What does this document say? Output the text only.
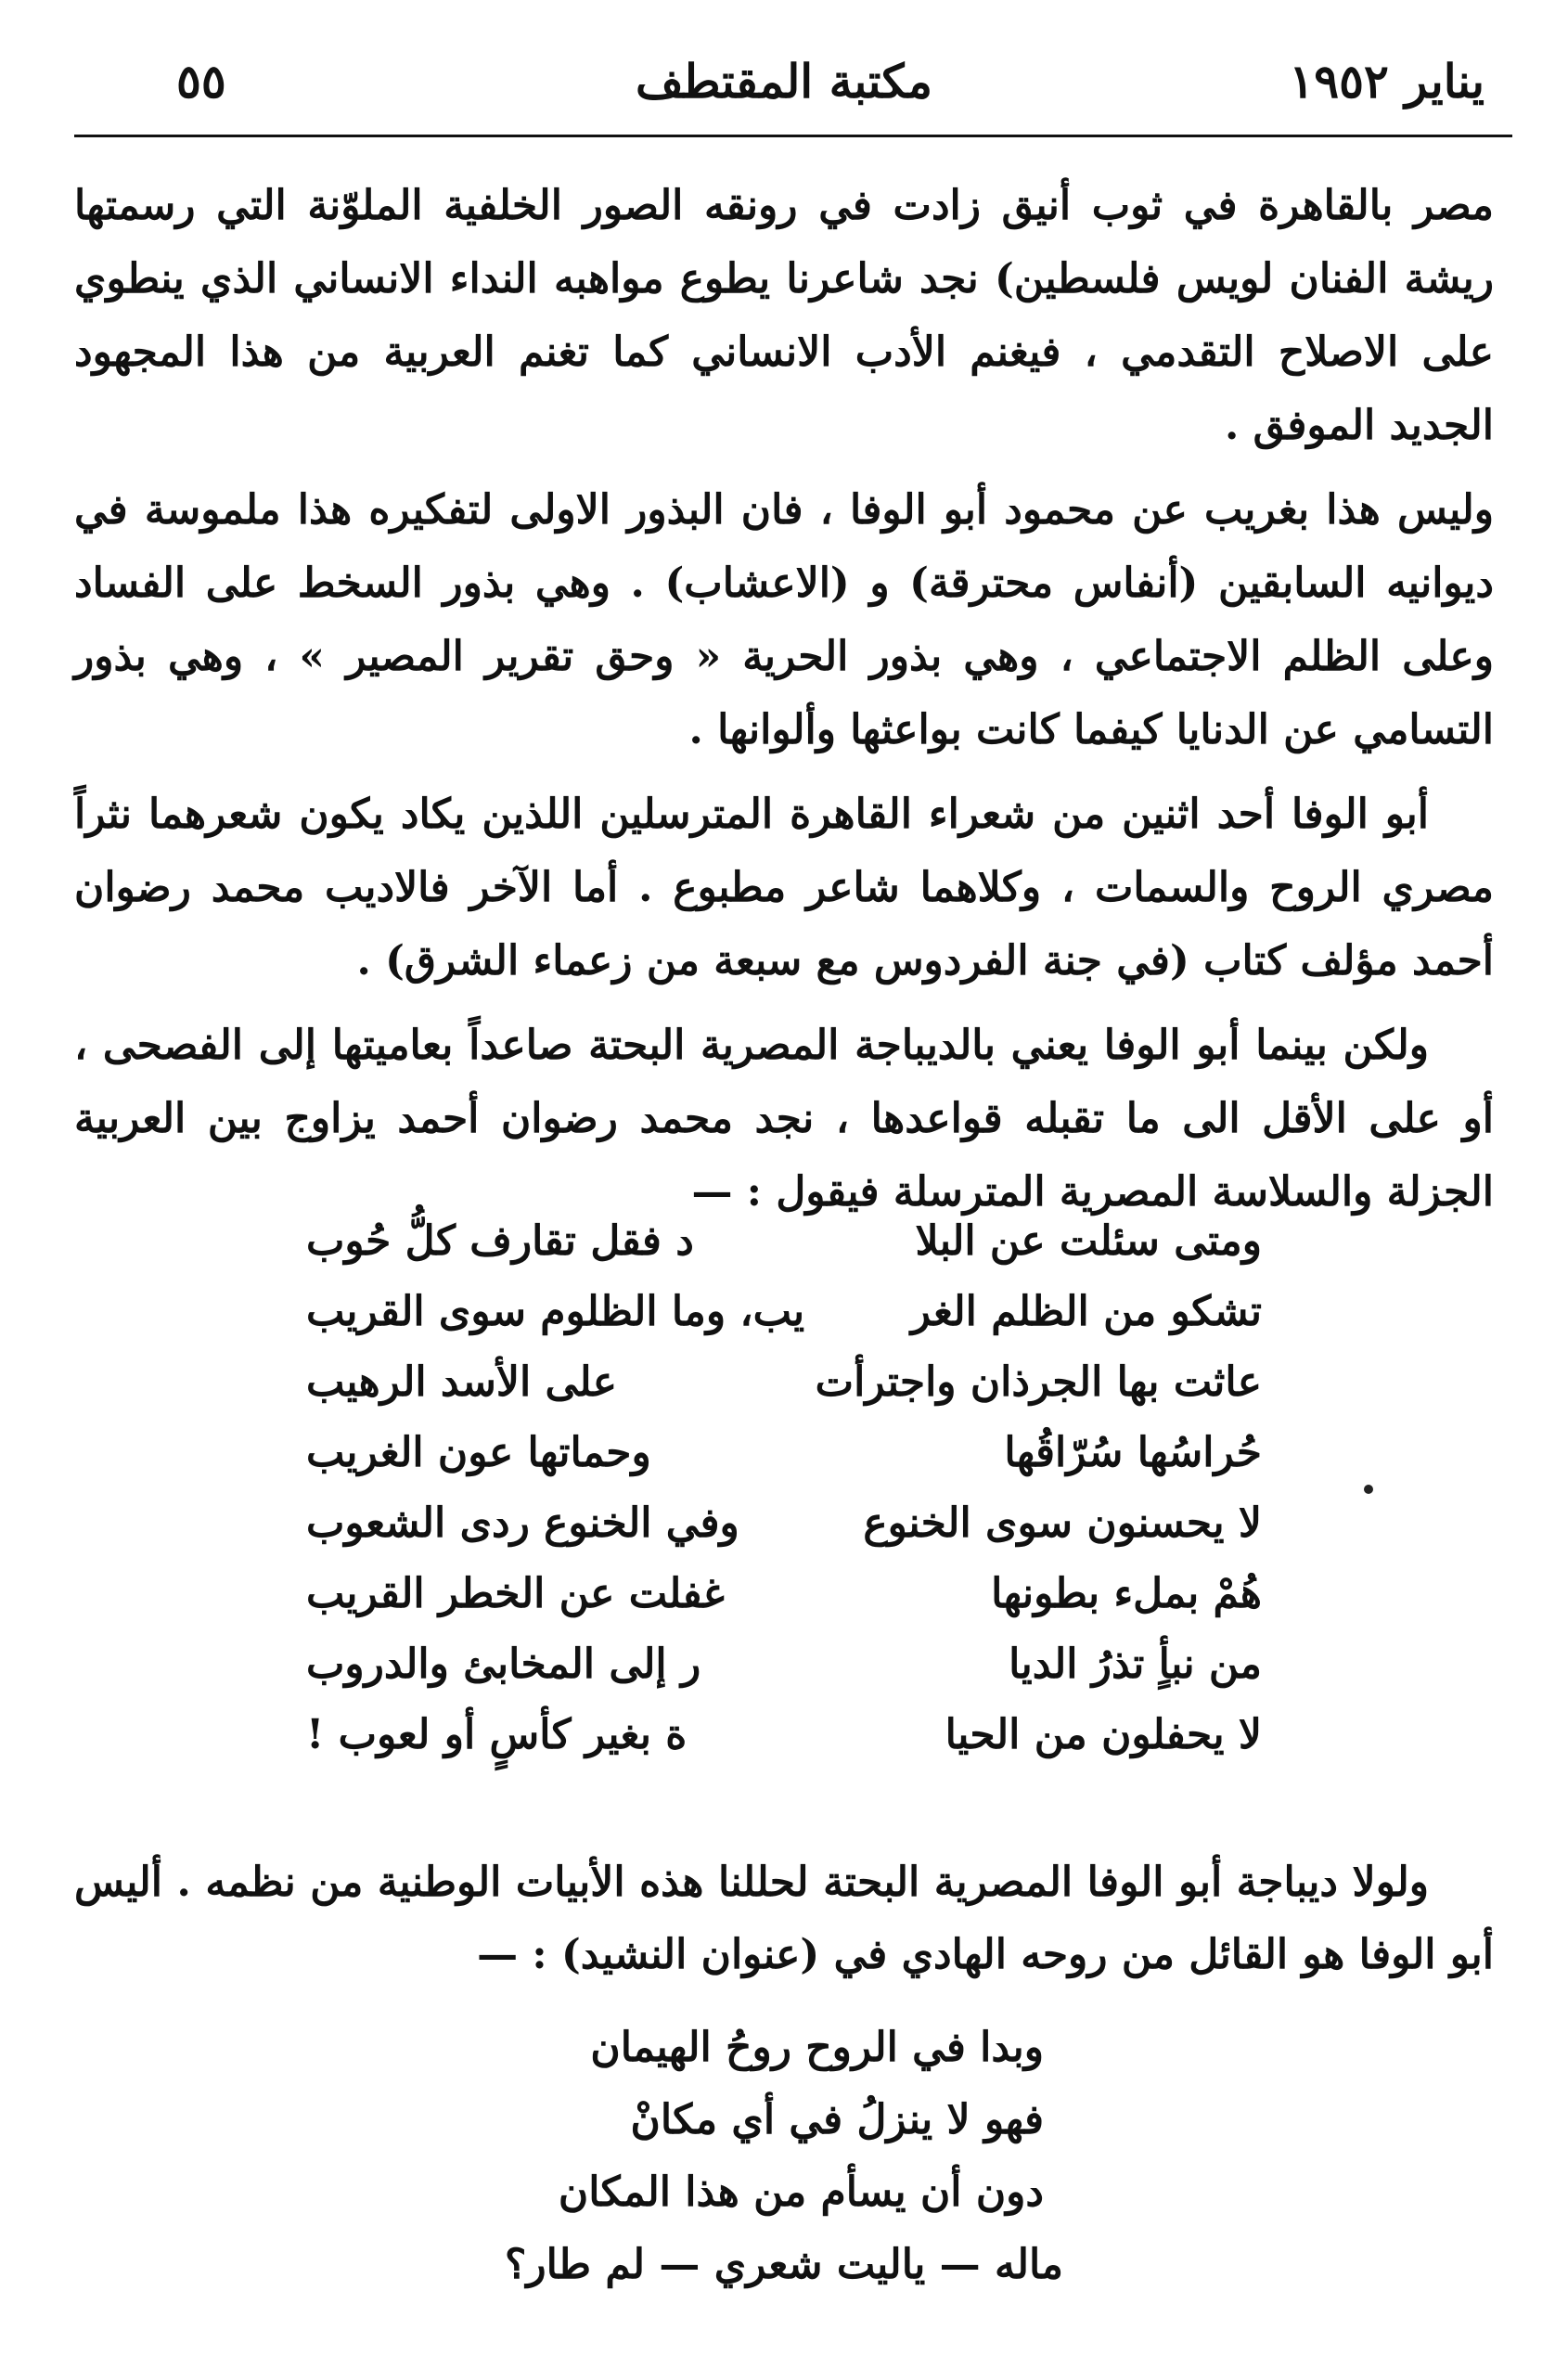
يناير ١٩٥٢
مكتبة المقتطف
٥٥

مصر بالقاهرة في ثوب أنيق زادت في رونقه الصور الخلفية الملوّنة التي رسمتها ريشة الفنان لويس فلسطين) نجد شاعرنا يطوع مواهبه النداء الانساني الذي ينطوي على الاصلاح التقدمي ، فيغنم الأدب الانساني كما تغنم العربية من هذا المجهود الجديد الموفق .

وليس هذا بغريب عن محمود أبو الوفا ، فان البذور الاولى لتفكيره هذا ملموسة في ديوانيه السابقين (أنفاس محترقة) و (الاعشاب) . وهي بذور السخط على الفساد وعلى الظلم الاجتماعي ، وهي بذور الحرية « وحق تقرير المصير » ، وهي بذور التسامي عن الدنايا كيفما كانت بواعثها وألوانها .

أبو الوفا أحد اثنين من شعراء القاهرة المترسلين اللذين يكاد يكون شعرهما نثراً مصري الروح والسمات ، وكلاهما شاعر مطبوع . أما الآخر فالاديب محمد رضوان أحمد مؤلف كتاب (في جنة الفردوس مع سبعة من زعماء الشرق) .

ولكن بينما أبو الوفا يعني بالديباجة المصرية البحتة صاعداً بعاميتها إلى الفصحى ، أو على الأقل الى ما تقبله قواعدها ، نجد محمد رضوان أحمد يزاوج بين العربية الجزلة والسلاسة المصرية المترسلة فيقول : —

ومتى سئلت عن البلا
د فقل تقارف كلُّ حُوب
تشكو من الظلم الغر
يب، وما الظلوم سوى القريب
عاثت بها الجرذان واجترأت
على الأسد الرهيب
حُراسُها سُرّاقُها
وحماتها عون الغريب
لا يحسنون سوى الخنوع
وفي الخنوع ردى الشعوب
هُمْ بملء بطونها
غفلت عن الخطر القريب
من نبأٍ تذرُ الديا
ر إلى المخابئ والدروب
لا يحفلون من الحيا
ة بغير كأسٍ أو لعوب !

ولولا ديباجة أبو الوفا المصرية البحتة لحللنا هذه الأبيات الوطنية من نظمه . أليس أبو الوفا هو القائل من روحه الهادي في (عنوان النشيد) : —

وبدا في الروح روحُ الهيمان
فهو لا ينزلُ في أي مكانْ
دون أن يسأم من هذا المكان
ماله — ياليت شعري — لم طار؟
